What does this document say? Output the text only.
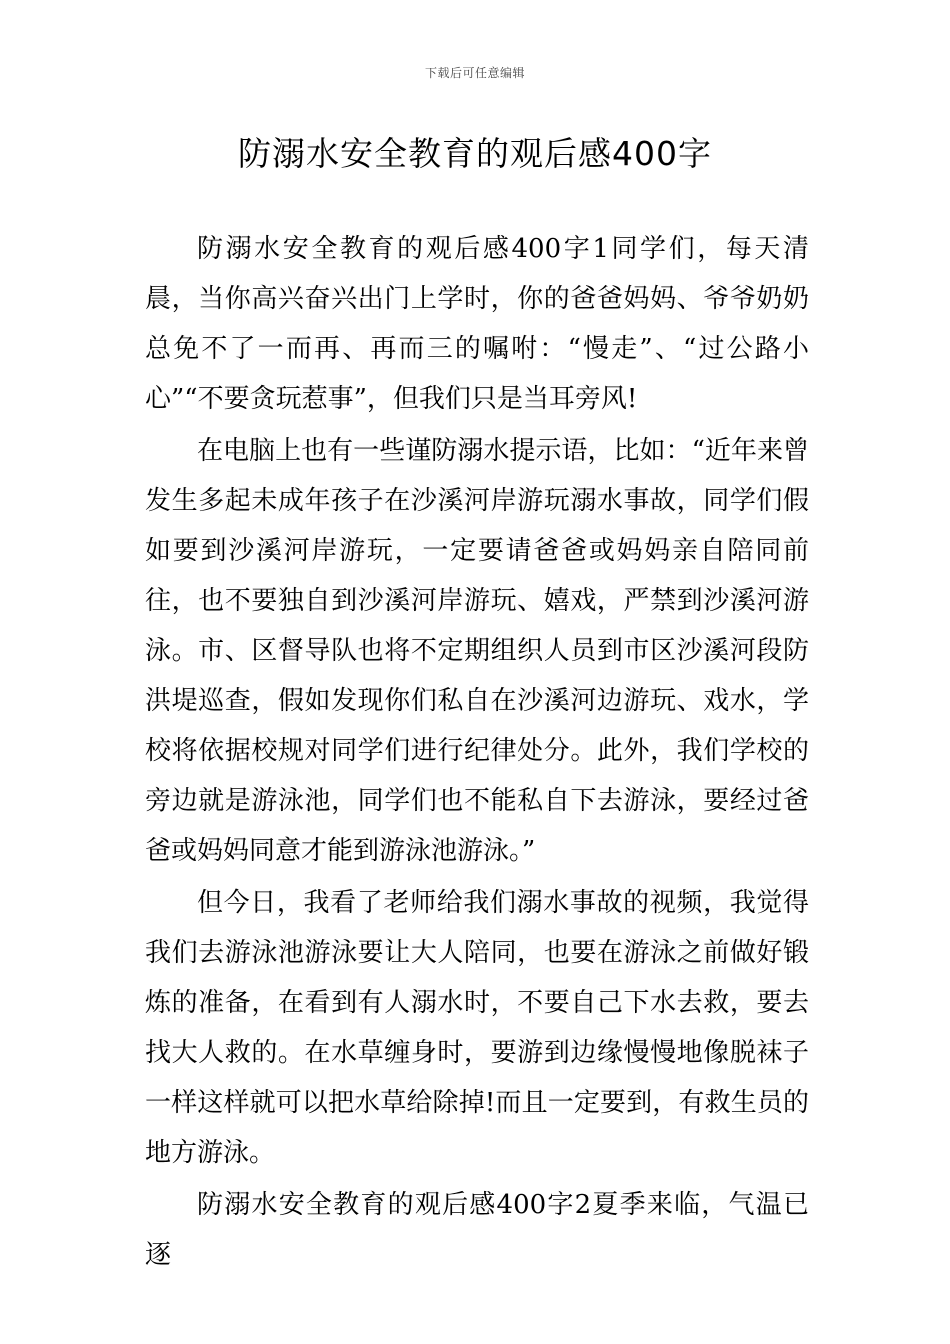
下载后可任意编辑
防溺水安全教育的观后感400字

防溺水安全教育的观后感400字1同学们，每天清晨，当你高兴奋兴出门上学时，你的爸爸妈妈、爷爷奶奶总免不了一而再、再而三的嘱咐：“慢走”、“过公路小心”“不要贪玩惹事”，但我们只是当耳旁风!

在电脑上也有一些谨防溺水提示语，比如：“近年来曾发生多起未成年孩子在沙溪河岸游玩溺水事故，同学们假如要到沙溪河岸游玩，一定要请爸爸或妈妈亲自陪同前往，也不要独自到沙溪河岸游玩、嬉戏，严禁到沙溪河游泳。市、区督导队也将不定期组织人员到市区沙溪河段防洪堤巡查，假如发现你们私自在沙溪河边游玩、戏水，学校将依据校规对同学们进行纪律处分。此外，我们学校的旁边就是游泳池，同学们也不能私自下去游泳，要经过爸爸或妈妈同意才能到游泳池游泳。”

但今日，我看了老师给我们溺水事故的视频，我觉得我们去游泳池游泳要让大人陪同，也要在游泳之前做好锻炼的准备，在看到有人溺水时，不要自己下水去救，要去找大人救的。在水草缠身时，要游到边缘慢慢地像脱袜子一样这样就可以把水草给除掉!而且一定要到，有救生员的地方游泳。

防溺水安全教育的观后感400字2夏季来临，气温已逐
